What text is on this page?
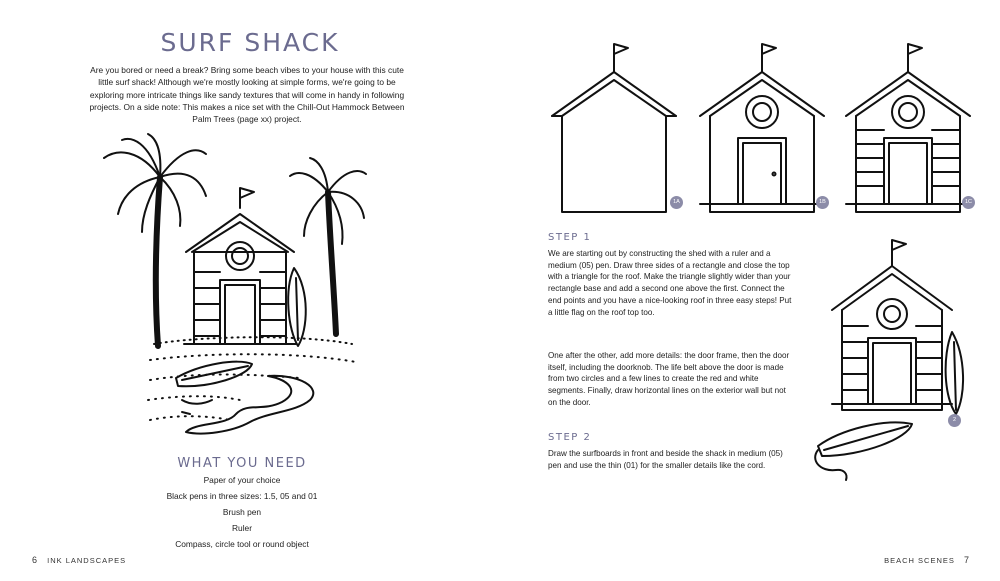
SURF SHACK
Are you bored or need a break? Bring some beach vibes to your house with this cute little surf shack! Although we're mostly looking at simple forms, we're going to be exploring more intricate things like sandy textures that will come in handy in following projects. On a side note: This makes a nice set with the Chill-Out Hammock Between Palm Trees (page xx) project.
WHAT YOU NEED
Paper of your choice
Black pens in three sizes: 1.5, 05 and 01
Brush pen
Ruler
Compass, circle tool or round object
6 INK LANDSCAPES
1A	1B	1C
2
STEP 1
We are starting out by constructing the shed with a ruler and a medium (05) pen. Draw three sides of a rectangle and close the top with a triangle for the roof. Make the triangle slightly wider than your rectangle base and add a second one above the first. Connect the end points and you have a nice-looking roof in three easy steps! Put a little flag on the roof top too.
One after the other, add more details: the door frame, then the door itself, including the doorknob. The life belt above the door is made from two circles and a few lines to create the red and white segments. Finally, draw horizontal lines on the exterior wall but not on the door.
STEP 2
Draw the surfboards in front and beside the shack in medium (05) pen and use the thin (01) for the smaller details like the cord.
BEACH SCENES 7
